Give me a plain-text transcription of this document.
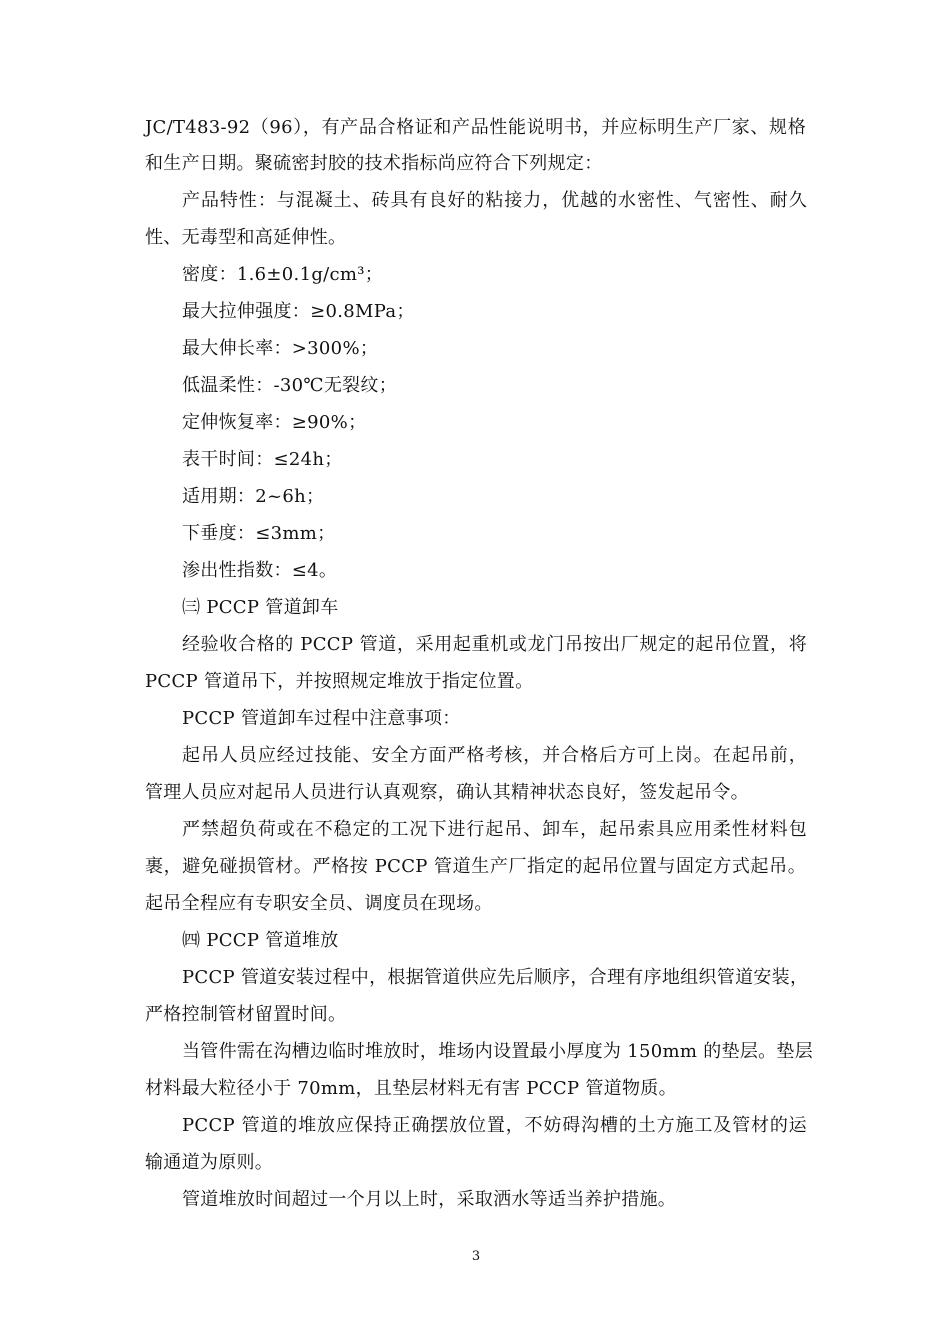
JC/T483-92（96），有产品合格证和产品性能说明书，并应标明生产厂家、规格
和生产日期。聚硫密封胶的技术指标尚应符合下列规定：
产品特性：与混凝土、砖具有良好的粘接力，优越的水密性、气密性、耐久
性、无毒型和高延伸性。
密度：1.6±0.1g/cm³；
最大拉伸强度：≥0.8MPa；
最大伸长率：>300%；
低温柔性：-30℃无裂纹；
定伸恢复率：≥90%；
表干时间：≤24h；
适用期：2~6h；
下垂度：≤3mm；
渗出性指数：≤4。
㈢ PCCP 管道卸车
经验收合格的 PCCP 管道，采用起重机或龙门吊按出厂规定的起吊位置，将
PCCP 管道吊下，并按照规定堆放于指定位置。
PCCP 管道卸车过程中注意事项：
起吊人员应经过技能、安全方面严格考核，并合格后方可上岗。在起吊前，
管理人员应对起吊人员进行认真观察，确认其精神状态良好，签发起吊令。
严禁超负荷或在不稳定的工况下进行起吊、卸车，起吊索具应用柔性材料包
裹，避免碰损管材。严格按 PCCP 管道生产厂指定的起吊位置与固定方式起吊。
起吊全程应有专职安全员、调度员在现场。
㈣ PCCP 管道堆放
PCCP 管道安装过程中，根据管道供应先后顺序，合理有序地组织管道安装，
严格控制管材留置时间。
当管件需在沟槽边临时堆放时，堆场内设置最小厚度为 150mm 的垫层。垫层
材料最大粒径小于 70mm，且垫层材料无有害 PCCP 管道物质。
PCCP 管道的堆放应保持正确摆放位置，不妨碍沟槽的土方施工及管材的运
输通道为原则。
管道堆放时间超过一个月以上时，采取洒水等适当养护措施。
3
